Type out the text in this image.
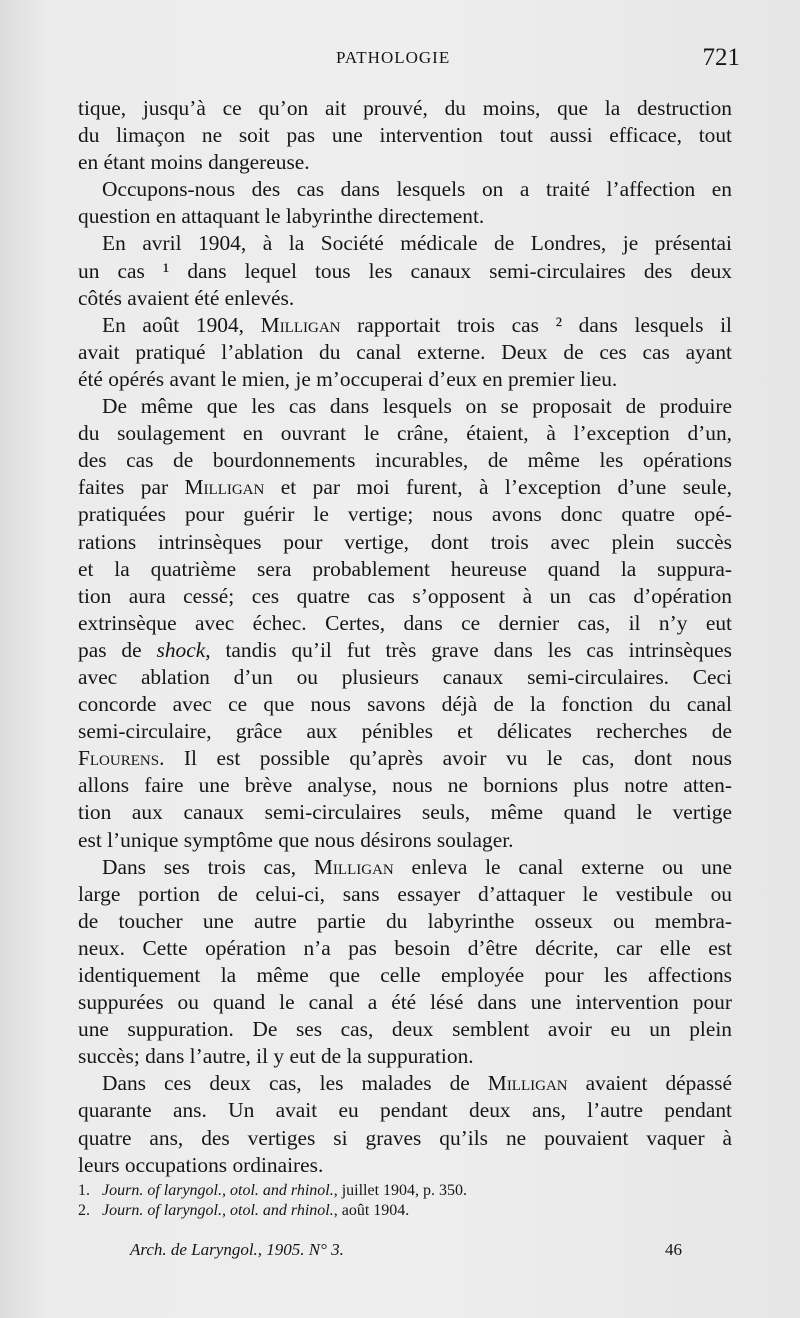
PATHOLOGIE	721
tique, jusqu’à ce qu’on ait prouvé, du moins, que la destruction
du limaçon ne soit pas une intervention tout aussi efficace, tout
en étant moins dangereuse.
Occupons-nous des cas dans lesquels on a traité l’affection en
question en attaquant le labyrinthe directement.
En avril 1904, à la Société médicale de Londres, je présentai
un cas ¹ dans lequel tous les canaux semi-circulaires des deux
côtés avaient été enlevés.
En août 1904, Milligan rapportait trois cas ² dans lesquels il
avait pratiqué l’ablation du canal externe. Deux de ces cas ayant
été opérés avant le mien, je m’occuperai d’eux en premier lieu.
De même que les cas dans lesquels on se proposait de produire
du soulagement en ouvrant le crâne, étaient, à l’exception d’un,
des cas de bourdonnements incurables, de même les opérations
faites par Milligan et par moi furent, à l’exception d’une seule,
pratiquées pour guérir le vertige; nous avons donc quatre opé-
rations intrinsèques pour vertige, dont trois avec plein succès
et la quatrième sera probablement heureuse quand la suppura-
tion aura cessé; ces quatre cas s’opposent à un cas d’opération
extrinsèque avec échec. Certes, dans ce dernier cas, il n’y eut
pas de shock, tandis qu’il fut très grave dans les cas intrinsèques
avec ablation d’un ou plusieurs canaux semi-circulaires. Ceci
concorde avec ce que nous savons déjà de la fonction du canal
semi-circulaire, grâce aux pénibles et délicates recherches de
Flourens. Il est possible qu’après avoir vu le cas, dont nous
allons faire une brève analyse, nous ne bornions plus notre atten-
tion aux canaux semi-circulaires seuls, même quand le vertige
est l’unique symptôme que nous désirons soulager.
Dans ses trois cas, Milligan enleva le canal externe ou une
large portion de celui-ci, sans essayer d’attaquer le vestibule ou
de toucher une autre partie du labyrinthe osseux ou membra-
neux. Cette opération n’a pas besoin d’être décrite, car elle est
identiquement la même que celle employée pour les affections
suppurées ou quand le canal a été lésé dans une intervention pour
une suppuration. De ses cas, deux semblent avoir eu un plein
succès; dans l’autre, il y eut de la suppuration.
Dans ces deux cas, les malades de Milligan avaient dépassé
quarante ans. Un avait eu pendant deux ans, l’autre pendant
quatre ans, des vertiges si graves qu’ils ne pouvaient vaquer à
leurs occupations ordinaires.
1. Journ. of laryngol., otol. and rhinol., juillet 1904, p. 350.
2. Journ. of laryngol., otol. and rhinol., août 1904.
Arch. de Laryngol., 1905. N° 3.	46
